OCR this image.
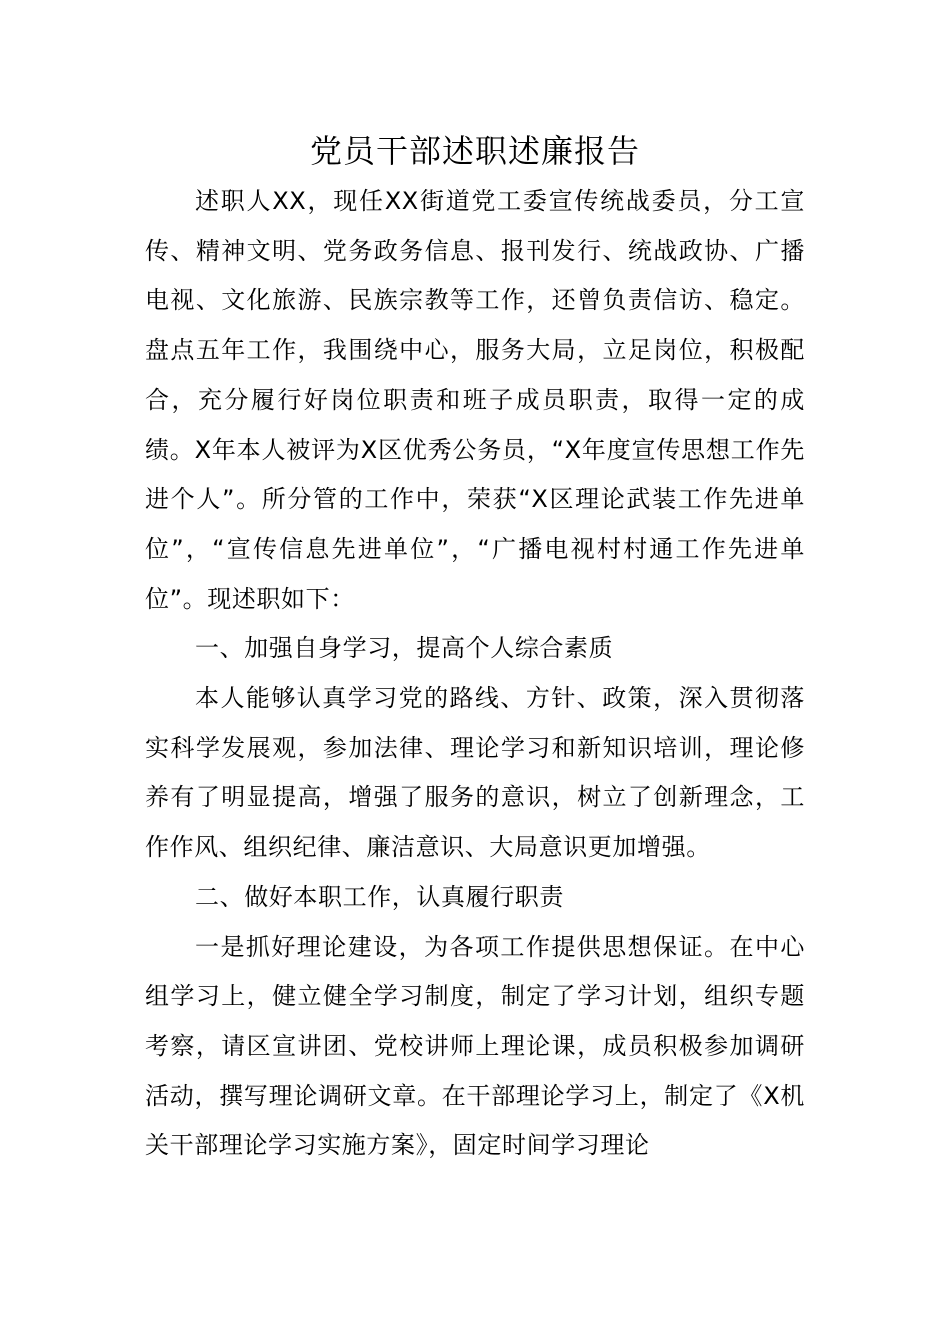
党员干部述职述廉报告

述职人XX，现任XX街道党工委宣传统战委员，分工宣传、精神文明、党务政务信息、报刊发行、统战政协、广播电视、文化旅游、民族宗教等工作，还曾负责信访、稳定。盘点五年工作，我围绕中心，服务大局，立足岗位，积极配合，充分履行好岗位职责和班子成员职责，取得一定的成绩。X年本人被评为X区优秀公务员，“X年度宣传思想工作先进个人”。所分管的工作中，荣获“X区理论武装工作先进单位”，“宣传信息先进单位”，“广播电视村村通工作先进单位”。现述职如下：

一、加强自身学习，提高个人综合素质

本人能够认真学习党的路线、方针、政策，深入贯彻落实科学发展观，参加法律、理论学习和新知识培训，理论修养有了明显提高，增强了服务的意识，树立了创新理念，工作作风、组织纪律、廉洁意识、大局意识更加增强。

二、做好本职工作，认真履行职责

一是抓好理论建设，为各项工作提供思想保证。在中心组学习上，健立健全学习制度，制定了学习计划，组织专题考察，请区宣讲团、党校讲师上理论课，成员积极参加调研活动，撰写理论调研文章。在干部理论学习上，制定了《X机关干部理论学习实施方案》，固定时间学习理论
